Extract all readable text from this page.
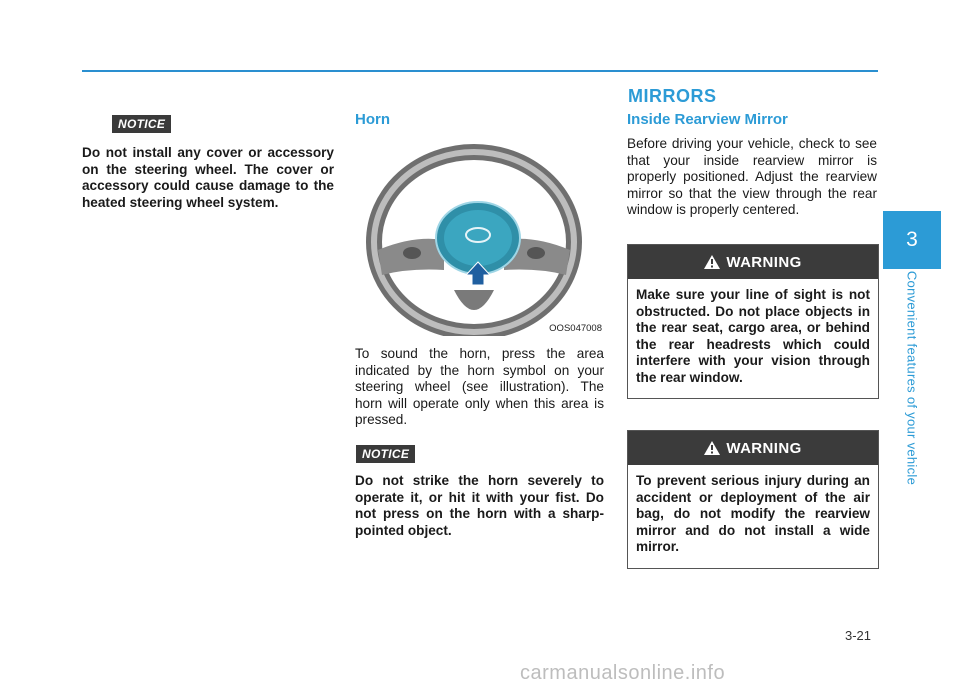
NOTICE

Do not install any cover or accessory on the steering wheel. The cover or accessory could cause damage to the heated steering wheel system.

Horn
OOS047008

To sound the horn, press the area indicated by the horn symbol on your steering wheel (see illustration). The horn will operate only when this area is pressed.

NOTICE

Do not strike the horn severely to operate it, or hit it with your fist. Do not press on the horn with a sharp-pointed object.

MIRRORS
Inside Rearview Mirror

Before driving your vehicle, check to see that your inside rearview mirror is properly positioned. Adjust the rearview mirror so that the view through the rear window is properly centered.

WARNING

Make sure your line of sight is not obstructed. Do not place objects in the rear seat, cargo area, or behind the rear headrests which could interfere with your vision through the rear window.

WARNING

To prevent serious injury during an accident or deployment of the air bag, do not modify the rearview mirror and do not install a wide mirror.

3
Convenient features of your vehicle
3-21
carmanualsonline.info
